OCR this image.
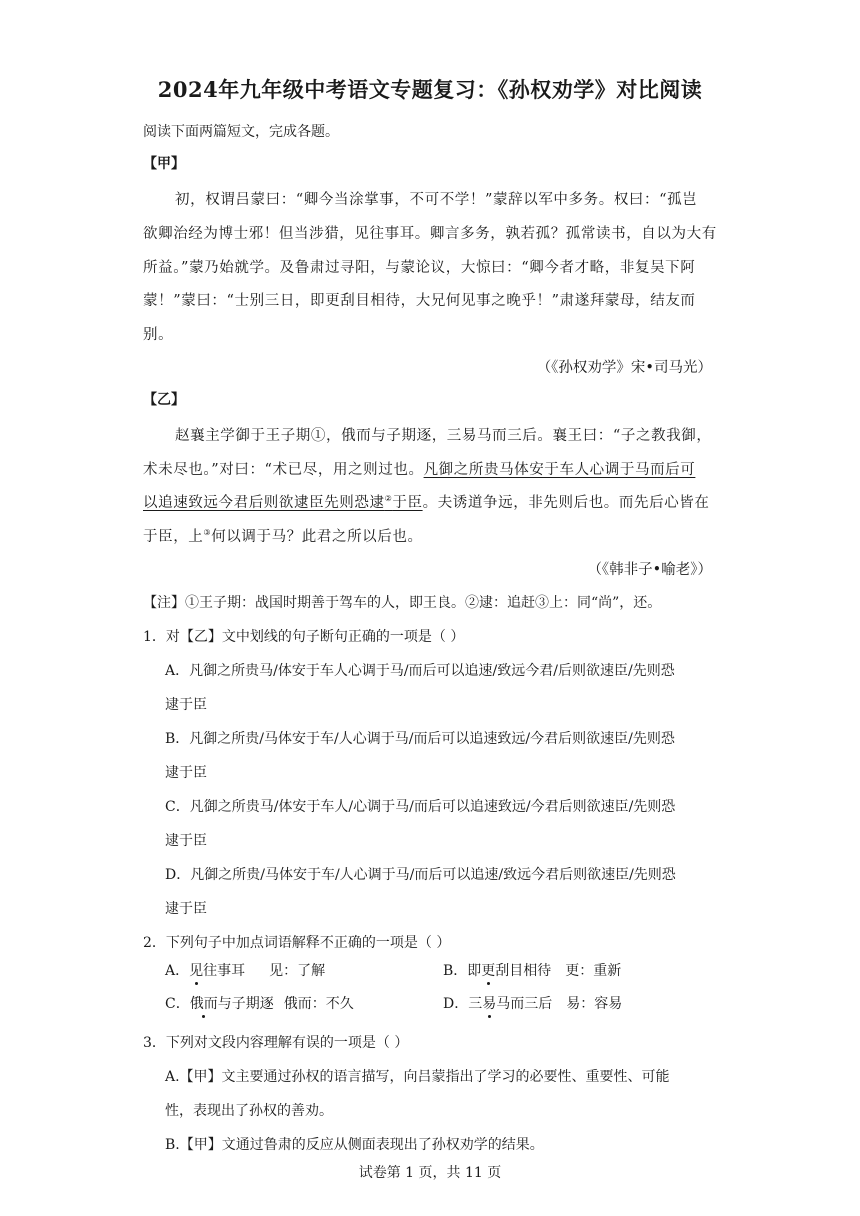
2024年九年级中考语文专题复习：《孙权劝学》对比阅读
阅读下面两篇短文，完成各题。
【甲】
初，权谓吕蒙曰：“卿今当涂掌事，不可不学！”蒙辞以军中多务。权曰：“孤岂
欲卿治经为博士邪！但当涉猎，见往事耳。卿言多务，孰若孤？孤常读书，自以为大有
所益。”蒙乃始就学。及鲁肃过寻阳，与蒙论议，大惊曰：“卿今者才略，非复吴下阿
蒙！”蒙曰：“士别三日，即更刮目相待，大兄何见事之晚乎！”肃遂拜蒙母，结友而
别。
（《孙权劝学》宋•司马光）
【乙】
赵襄主学御于王子期①，俄而与子期逐，三易马而三后。襄王曰：“子之教我御，
术未尽也。”对曰：“术已尽，用之则过也。凡御之所贵马体安于车人心调于马而后可
以追速致远今君后则欲逮臣先则恐逮②于臣。夫诱道争远，非先则后也。而先后心皆在
于臣，上③何以调于马？此君之所以后也。
（《韩非子•喻老》）
【注】①王子期：战国时期善于驾车的人，即王良。②逮：追赶③上：同“尚”，还。
1．对【乙】文中划线的句子断句正确的一项是（ ）
A．凡御之所贵马/体安于车人心调于马/而后可以追速/致远今君/后则欲速臣/先则恐
逮于臣
B．凡御之所贵/马体安于车/人心调于马/而后可以追速致远/今君后则欲速臣/先则恐
逮于臣
C．凡御之所贵马/体安于车人/心调于马/而后可以追速致远/今君后则欲速臣/先则恐
逮于臣
D．凡御之所贵/马体安于车/人心调于马/而后可以追速/致远今君后则欲速臣/先则恐
逮于臣
2．下列句子中加点词语解释不正确的一项是（ ）
A．见往事耳 见：了解	B．即更刮目相待 更：重新
C．俄而与子期逐 俄而：不久	D．三易马而三后 易：容易
3．下列对文段内容理解有误的一项是（ ）
A.【甲】文主要通过孙权的语言描写，向吕蒙指出了学习的必要性、重要性、可能
性，表现出了孙权的善劝。
B.【甲】文通过鲁肃的反应从侧面表现出了孙权劝学的结果。
试卷第 1 页，共 11 页
